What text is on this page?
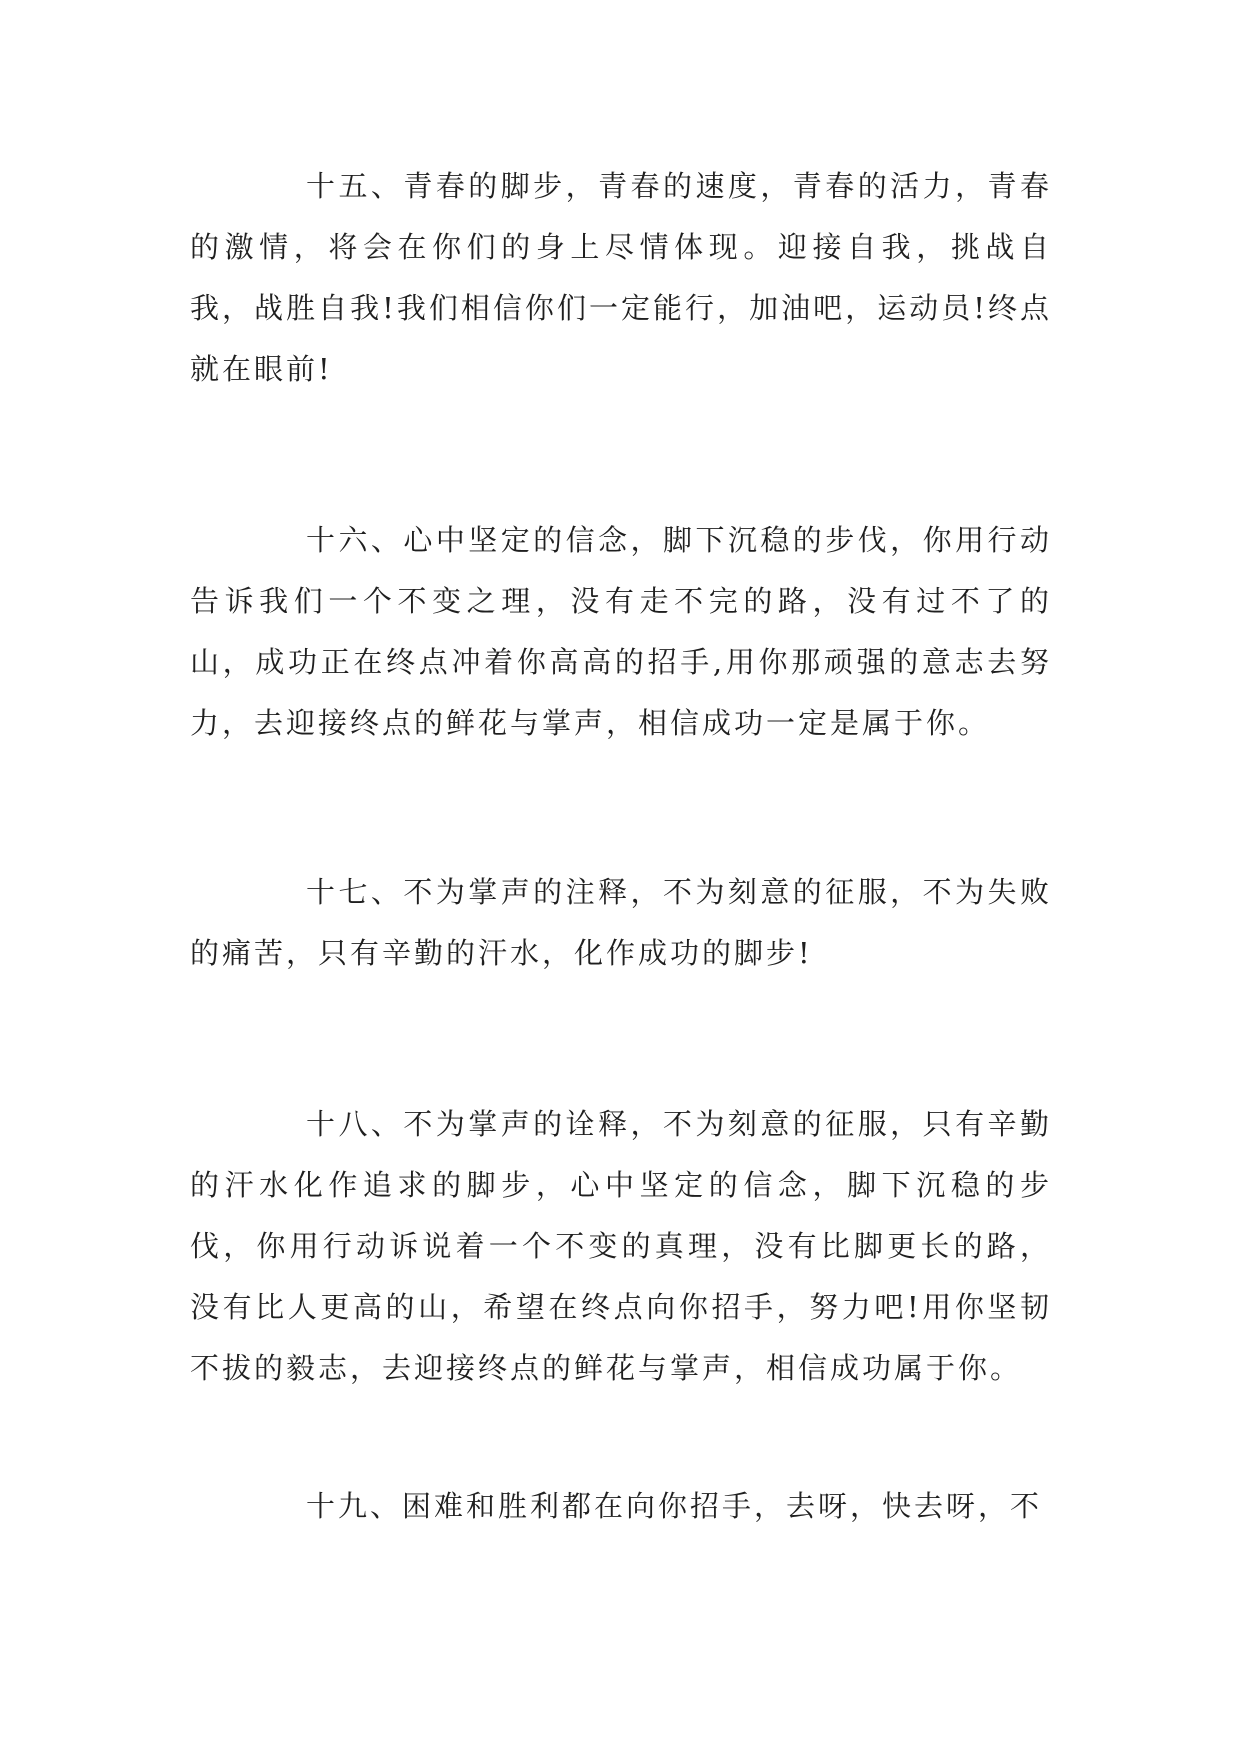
十五、青春的脚步，青春的速度，青春的活力，青春的激情，将会在你们的身上尽情体现。迎接自我，挑战自我，战胜自我!我们相信你们一定能行，加油吧，运动员!终点就在眼前!

十六、心中坚定的信念，脚下沉稳的步伐，你用行动告诉我们一个不变之理，没有走不完的路，没有过不了的山，成功正在终点冲着你高高的招手,用你那顽强的意志去努力，去迎接终点的鲜花与掌声，相信成功一定是属于你。

十七、不为掌声的注释，不为刻意的征服，不为失败的痛苦，只有辛勤的汗水，化作成功的脚步!

十八、不为掌声的诠释，不为刻意的征服，只有辛勤的汗水化作追求的脚步，心中坚定的信念，脚下沉稳的步伐，你用行动诉说着一个不变的真理，没有比脚更长的路，没有比人更高的山，希望在终点向你招手，努力吧!用你坚韧不拔的毅志，去迎接终点的鲜花与掌声，相信成功属于你。

十九、困难和胜利都在向你招手，去呀，快去呀，不
